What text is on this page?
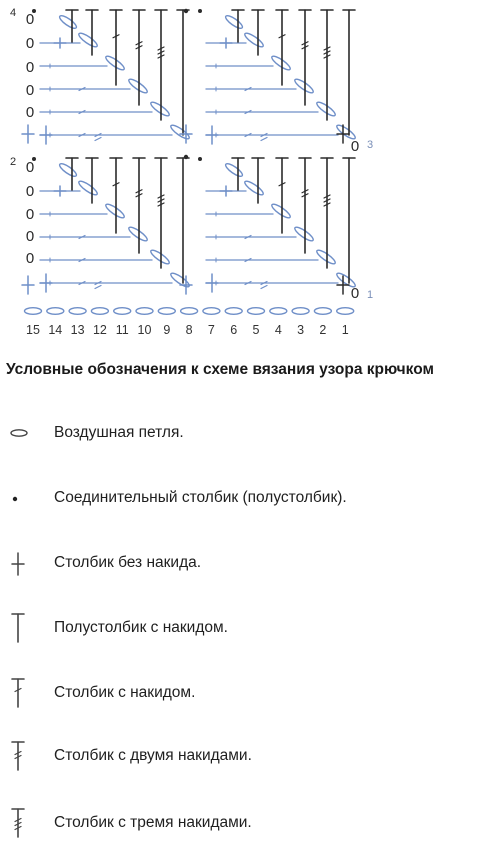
0
0
0
0
0
0
0
0
0
0
0
0
4
2
3
1
15 14 13 12 11 10 9 8 7 6 5 4 3 2 1
Условные обозначения к схеме вязания узора крючком
Воздушная петля.
Соединительный столбик (полустолбик).
Столбик без накида.
Полустолбик с накидом.
Столбик с накидом.
Столбик с двумя накидами.
Столбик с тремя накидами.
